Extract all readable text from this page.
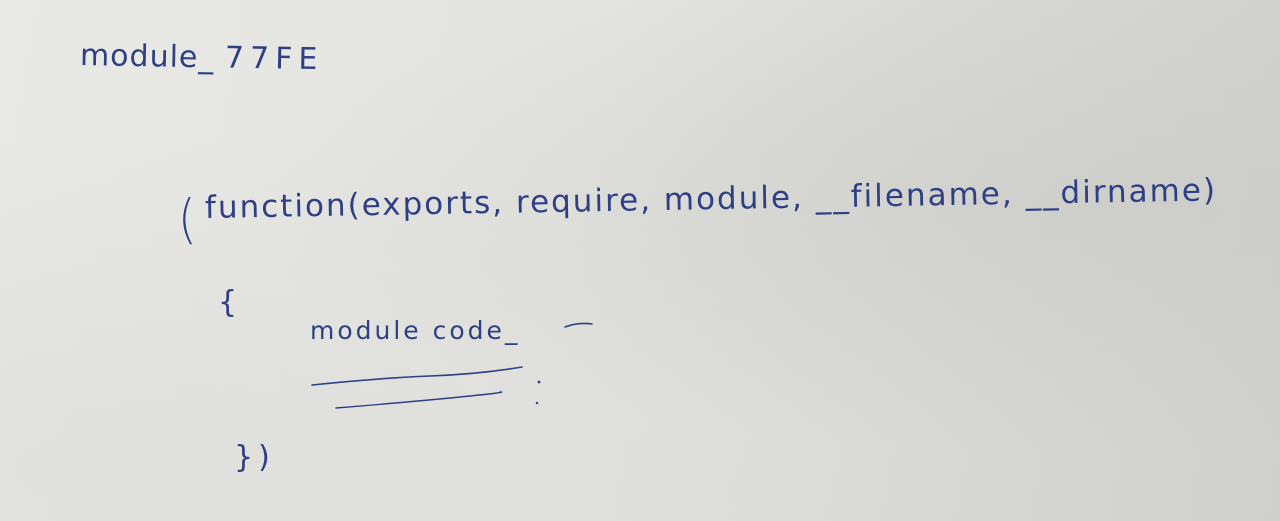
module_ 77FE
( function(exports, require, module, __filename, __dirname)
{
module code_
})
